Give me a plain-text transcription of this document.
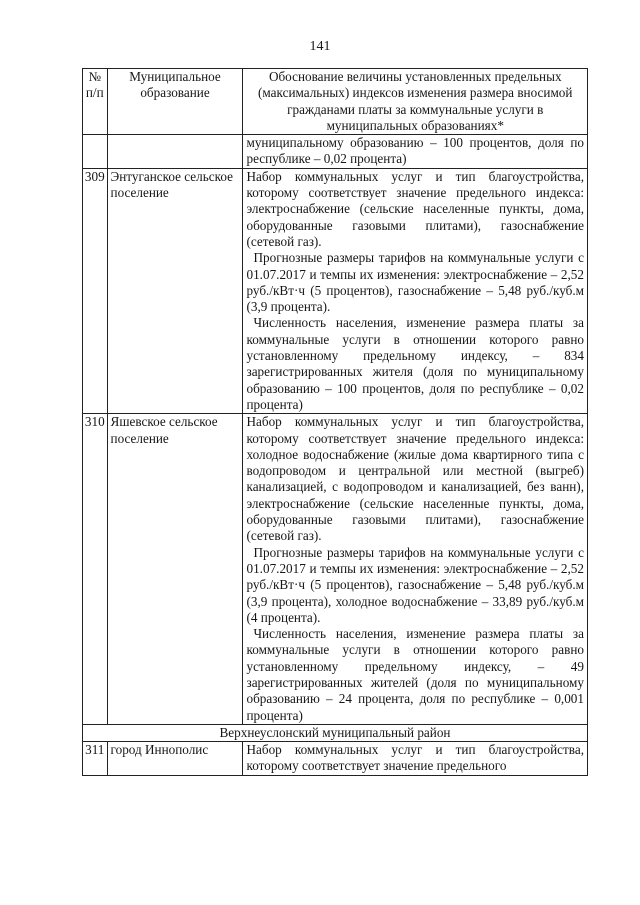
141
№ п/п	Муниципальное образование	Обоснование величины установленных предельных (максимальных) индексов изменения размера вносимой гражданами платы за коммунальные услуги в муниципальных образованиях*

		муниципальному образованию – 100 процентов, доля по республике – 0,02 процента)

309	Энтуганское сельское поселение	Набор коммунальных услуг и тип благоустройства, которому соответствует значение предельного индекса: электроснабжение (сельские населенные пункты, дома, оборудованные газовыми плитами), газоснабжение (сетевой газ).

Прогнозные размеры тарифов на коммунальные услуги с 01.07.2017 и темпы их изменения: электроснабжение – 2,52 руб./кВт·ч (5 процентов), газоснабжение – 5,48 руб./куб.м (3,9 процента).

Численность населения, изменение размера платы за коммунальные услуги в отношении которого равно установленному предельному индексу, – 834 зарегистрированных жителя (доля по муниципальному образованию – 100 процентов, доля по республике – 0,02 процента)

310	Яшевское сельское поселение	Набор коммунальных услуг и тип благоустройства, которому соответствует значение предельного индекса: холодное водоснабжение (жилые дома квартирного типа с водопроводом и центральной или местной (выгреб) канализацией, с водопроводом и канализацией, без ванн), электроснабжение (сельские населенные пункты, дома, оборудованные газовыми плитами), газоснабжение (сетевой газ).

Прогнозные размеры тарифов на коммунальные услуги с 01.07.2017 и темпы их изменения: электроснабжение – 2,52 руб./кВт·ч (5 процентов), газоснабжение – 5,48 руб./куб.м (3,9 процента), холодное водоснабжение – 33,89 руб./куб.м (4 процента).

Численность населения, изменение размера платы за коммунальные услуги в отношении которого равно установленному предельному индексу, – 49 зарегистрированных жителей (доля по муниципальному образованию – 24 процента, доля по республике – 0,001 процента)

Верхнеуслонский муниципальный район		
311	город Иннополис	Набор коммунальных услуг и тип благоустройства, которому соответствует значение предельного
